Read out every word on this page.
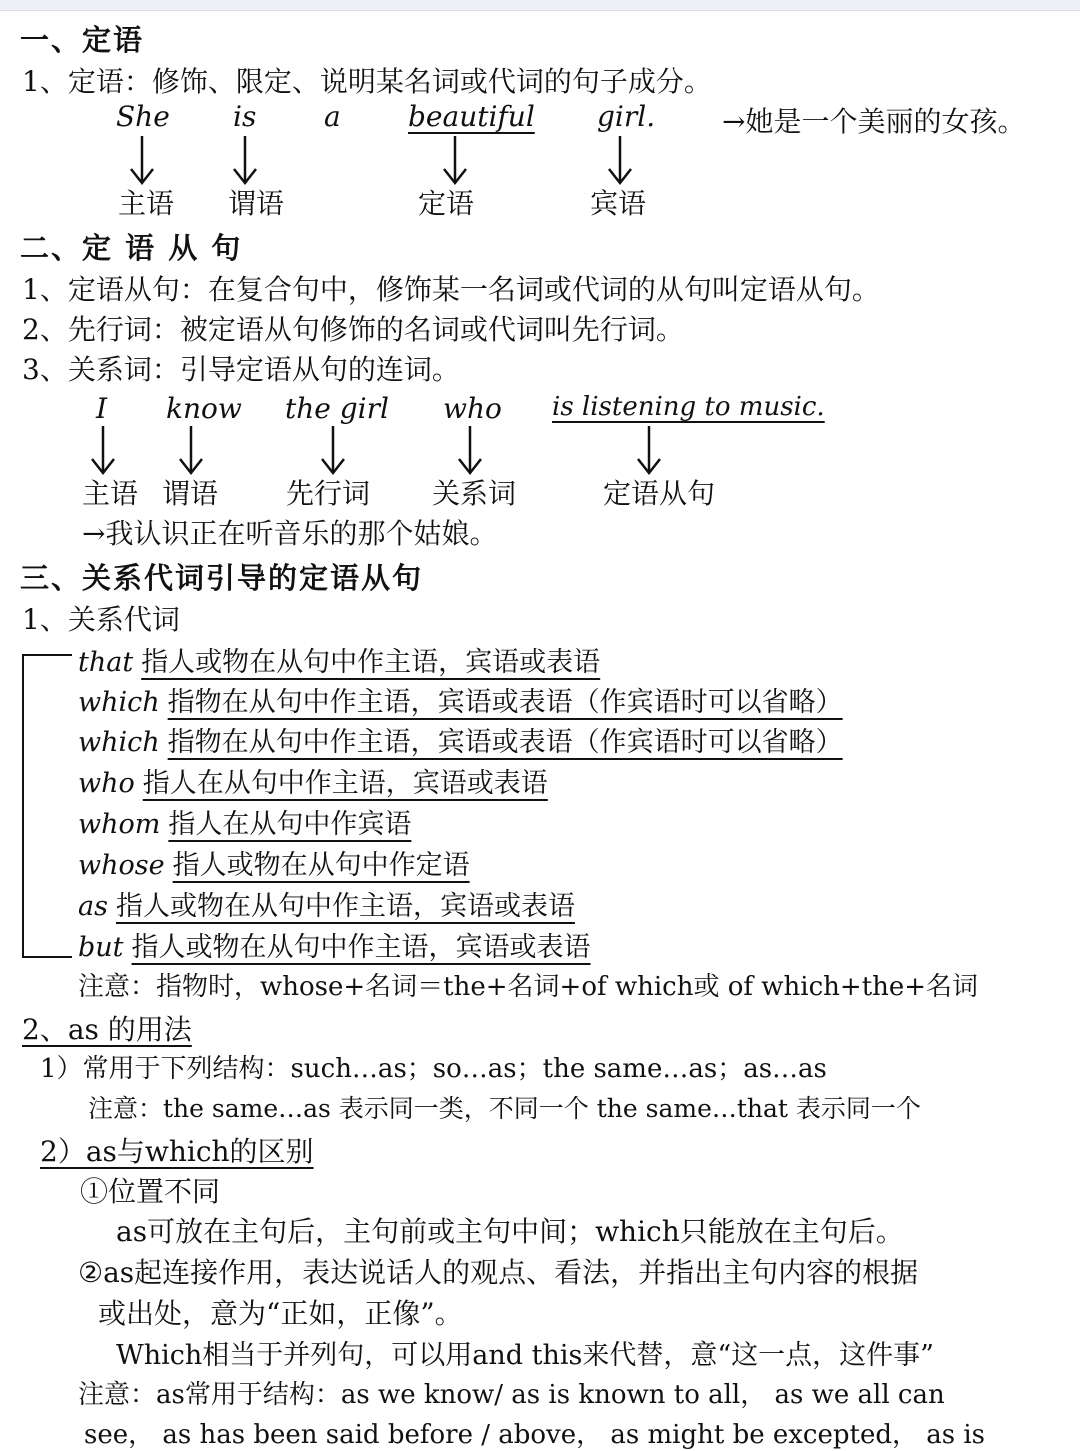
一、定语
1、定语：修饰、限定、说明某名词或代词的句子成分。
She is a beautiful girl. →她是一个美丽的女孩。
主语 谓语	定语	宾语
二、定 语 从 句
1、定语从句：在复合句中，修饰某一名词或代词的从句叫定语从句。
2、先行词：被定语从句修饰的名词或代词叫先行词。
3、关系词：引导定语从句的连词。
I know the girl who is listening to music.
主语 谓语 先行词 关系词	定语从句
→我认识正在听音乐的那个姑娘。
三、关系代词引导的定语从句
1、关系代词
that 指人或物在从句中作主语，宾语或表语
which 指物在从句中作主语，宾语或表语（作宾语时可以省略）
which 指物在从句中作主语，宾语或表语（作宾语时可以省略）
who 指人在从句中作主语，宾语或表语
whom 指人在从句中作宾语
whose 指人或物在从句中作定语
as 指人或物在从句中作主语，宾语或表语
but 指人或物在从句中作主语，宾语或表语
注意：指物时，whose+名词＝the+名词+of which或 of which+the+名词
2、as 的用法
1）常用于下列结构：such…as；so…as；the same…as；as…as
注意：the same…as 表示同一类，不同一个 the same…that 表示同一个
2）as与which的区别
①位置不同
as可放在主句后，主句前或主句中间；which只能放在主句后。
②as起连接作用，表达说话人的观点、看法，并指出主句内容的根据
或出处，意为“正如，正像”。
Which相当于并列句，可以用and this来代替，意“这一点，这件事”
注意：as常用于结构：as we know/ as is known to all， as we all can
see， as has been said before / above， as might be excepted， as is
